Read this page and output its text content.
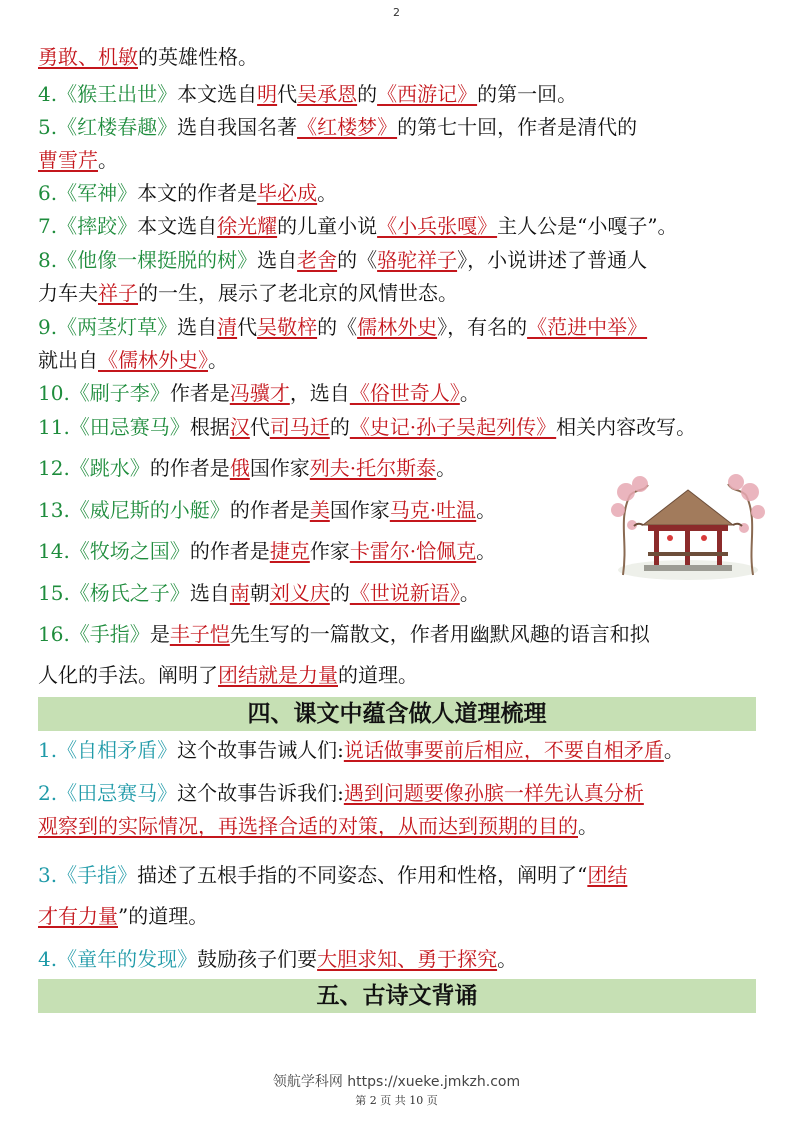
2
勇敢、机敏的英雄性格。
4.《猴王出世》本文选自明代吴承恩的《西游记》的第一回。
5.《红楼春趣》选自我国名著《红楼梦》的第七十回，作者是清代的
曹雪芹。
6.《军神》本文的作者是毕必成。
7.《摔跤》本文选自徐光耀的儿童小说《小兵张嘎》主人公是“小嘎子”。
8.《他像一棵挺脱的树》选自老舍的《骆驼祥子》，小说讲述了普通人
力车夫祥子的一生，展示了老北京的风情世态。
9.《两茎灯草》选自清代吴敬梓的《儒林外史》，有名的《范进中举》
就出自《儒林外史》。
10.《刷子李》作者是冯骥才，选自《俗世奇人》。
11.《田忌赛马》根据汉代司马迁的《史记·孙子吴起列传》相关内容改写。
12.《跳水》的作者是俄国作家列夫·托尔斯泰。
13.《威尼斯的小艇》的作者是美国作家马克·吐温。
14.《牧场之国》的作者是捷克作家卡雷尔·恰佩克。
15.《杨氏之子》选自南朝刘义庆的《世说新语》。
16.《手指》是丰子恺先生写的一篇散文，作者用幽默风趣的语言和拟
人化的手法。阐明了团结就是力量的道理。
四、课文中蕴含做人道理梳理
1.《自相矛盾》这个故事告诫人们:说话做事要前后相应，不要自相矛盾。
2.《田忌赛马》这个故事告诉我们:遇到问题要像孙膑一样先认真分析
观察到的实际情况，再选择合适的对策，从而达到预期的目的。
3.《手指》描述了五根手指的不同姿态、作用和性格，阐明了“团结
才有力量”的道理。
4.《童年的发现》鼓励孩子们要大胆求知、勇于探究。
五、古诗文背诵
领航学科网 https://xueke.jmkzh.com
第 2 页 共 10 页
